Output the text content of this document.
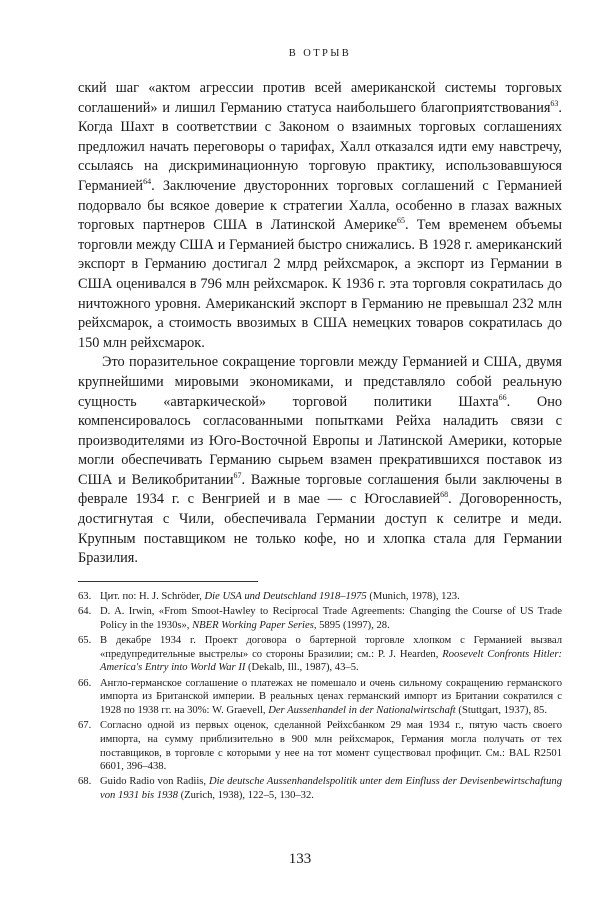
В ОТРЫВ

ский шаг «актом агрессии против всей американской системы торговых соглашений» и лишил Германию статуса наибольшего благоприятствования$^{63}$. Когда Шахт в соответствии с Законом о взаимных торговых соглашениях предложил начать переговоры о тарифах, Халл отказался идти ему навстречу, ссылаясь на дискриминационную торговую практику, использовавшуюся Германией$^{64}$. Заключение двусторонних торговых соглашений с Германией подорвало бы всякое доверие к стратегии Халла, особенно в глазах важных торговых партнеров США в Латинской Америке$^{65}$. Тем временем объемы торговли между США и Германией быстро снижались. В 1928 г. американский экспорт в Германию достигал 2 млрд рейхсмарок, а экспорт из Германии в США оценивался в 796 млн рейхсмарок. К 1936 г. эта торговля сократилась до ничтожного уровня. Американский экспорт в Германию не превышал 232 млн рейхсмарок, а стоимость ввозимых в США немецких товаров сократилась до 150 млн рейхсмарок.

Это поразительное сокращение торговли между Германией и США, двумя крупнейшими мировыми экономиками, и представляло собой реальную сущность «автаркической» торговой политики Шахта$^{66}$. Оно компенсировалось согласованными попытками Рейха наладить связи с производителями из Юго-Восточной Европы и Латинской Америки, которые могли обеспечивать Германию сырьем взамен прекратившихся поставок из США и Великобритании$^{67}$. Важные торговые соглашения были заключены в феврале 1934 г. с Венгрией и в мае — с Югославией$^{68}$. Договоренность, достигнутая с Чили, обеспечивала Германии доступ к селитре и меди. Крупным поставщиком не только кофе, но и хлопка стала для Германии Бразилия.

63. Цит. по: H. J. Schröder, Die USA und Deutschland 1918–1975 (Munich, 1978), 123.
64. D. A. Irwin, «From Smoot-Hawley to Reciprocal Trade Agreements: Changing the Course of US Trade Policy in the 1930s», NBER Working Paper Series, 5895 (1997), 28.
65. В декабре 1934 г. Проект договора о бартерной торговле хлопком с Германией вызвал «предупредительные выстрелы» со стороны Бразилии; см.: P. J. Hearden, Roosevelt Confronts Hitler: America's Entry into World War II (Dekalb, Ill., 1987), 43–5.
66. Англо-германское соглашение о платежах не помешало и очень сильному сокращению германского импорта из Британской империи. В реальных ценах германский импорт из Британии сократился с 1928 по 1938 гг. на 30%: W. Graevell, Der Aussenhandel in der Nationalwirtschaft (Stuttgart, 1937), 85.
67. Согласно одной из первых оценок, сделанной Рейхсбанком 29 мая 1934 г., пятую часть своего импорта, на сумму приблизительно в 900 млн рейхсмарок, Германия могла получать от тех поставщиков, в торговле с которыми у нее на тот момент существовал профицит. См.: BAL R2501 6601, 396–438.
68. Guido Radio von Radiis, Die deutsche Aussenhandelspolitik unter dem Einfluss der Devisenbewirtschaftung von 1931 bis 1938 (Zurich, 1938), 122–5, 130–32.
133
